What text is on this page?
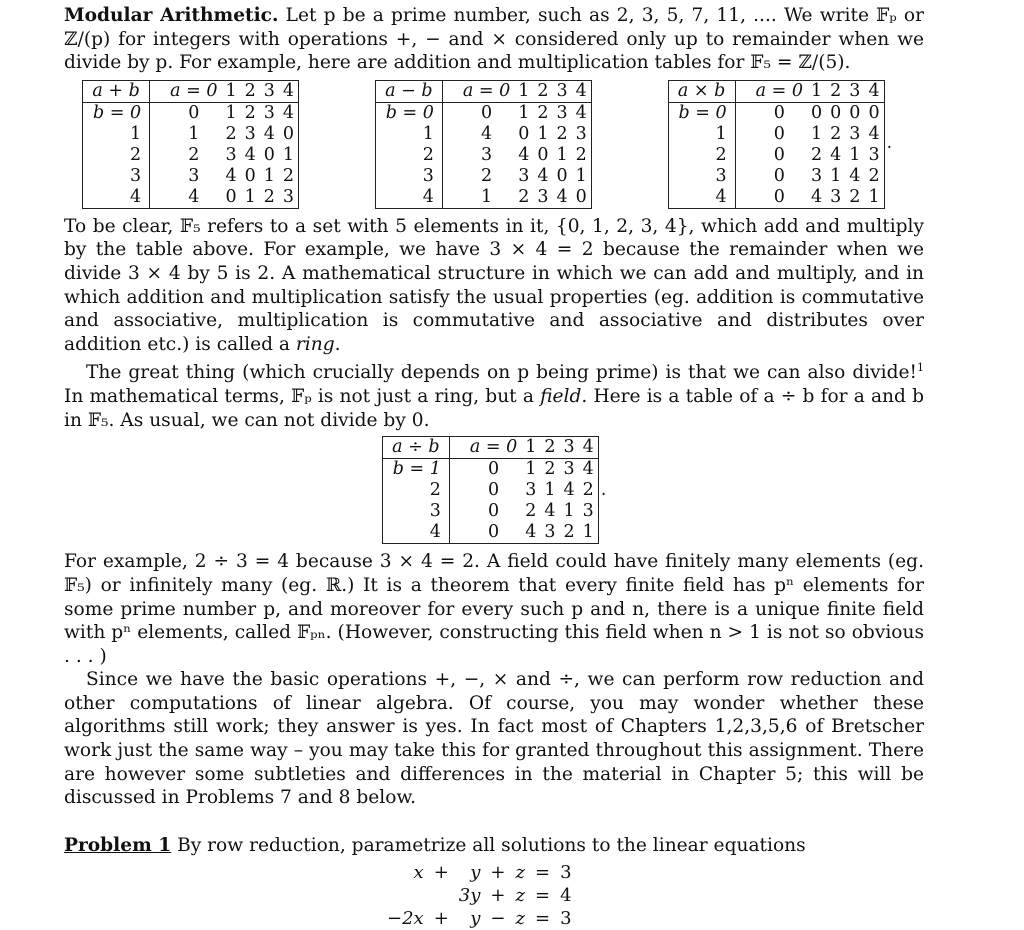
Modular Arithmetic. Let p be a prime number, such as 2, 3, 5, 7, 11, .... We write 𝔽ₚ or ℤ/(p) for integers with operations +, − and × considered only up to remainder when we divide by p. For example, here are addition and multiplication tables for 𝔽₅ = ℤ/(5).

a + b	a = 0	1	2	3	4
b = 0	0	1	2	3	4
1	1	2	3	4	0
2	2	3	4	0	1
3	3	4	0	1	2
4	4	0	1	2	3
a − b	a = 0	1	2	3	4
b = 0	0	1	2	3	4
1	4	0	1	2	3
2	3	4	0	1	2
3	2	3	4	0	1
4	1	2	3	4	0
a × b	a = 0	1	2	3	4
b = 0	0	0	0	0	0
1	0	1	2	3	4
2	0	2	4	1	3
3	0	3	1	4	2
4	0	4	3	2	1
.

To be clear, 𝔽₅ refers to a set with 5 elements in it, {0, 1, 2, 3, 4}, which add and multiply by the table above. For example, we have 3 × 4 = 2 because the remainder when we divide 3 × 4 by 5 is 2. A mathematical structure in which we can add and multiply, and in which addition and multiplication satisfy the usual properties (eg. addition is commutative and associative, multiplication is commutative and associative and distributes over addition etc.) is called a ring.

The great thing (which crucially depends on p being prime) is that we can also divide!$^1$ In mathematical terms, 𝔽ₚ is not just a ring, but a field. Here is a table of a ÷ b for a and b in 𝔽₅. As usual, we can not divide by 0.

a ÷ b	a = 0	1	2	3	4
b = 1	0	1	2	3	4
2	0	3	1	4	2
3	0	2	4	1	3
4	0	4	3	2	1
.

For example, 2 ÷ 3 = 4 because 3 × 4 = 2. A field could have finitely many elements (eg. 𝔽₅) or infinitely many (eg. ℝ.) It is a theorem that every finite field has pⁿ elements for some prime number p, and moreover for every such p and n, there is a unique finite field with pⁿ elements, called 𝔽ₚₙ. (However, constructing this field when n > 1 is not so obvious . . . )

Since we have the basic operations +, −, × and ÷, we can perform row reduction and other computations of linear algebra. Of course, you may wonder whether these algorithms still work; they answer is yes. In fact most of Chapters 1,2,3,5,6 of Bretscher work just the same way – you may take this for granted throughout this assignment. There are however some subtleties and differences in the material in Chapter 5; this will be discussed in Problems 7 and 8 below.

Problem 1 By row reduction, parametrize all solutions to the linear equations

x	+	y	+	z	=	3
		3y	+	z	=	4
−2x	+	y	−	z	=	3
